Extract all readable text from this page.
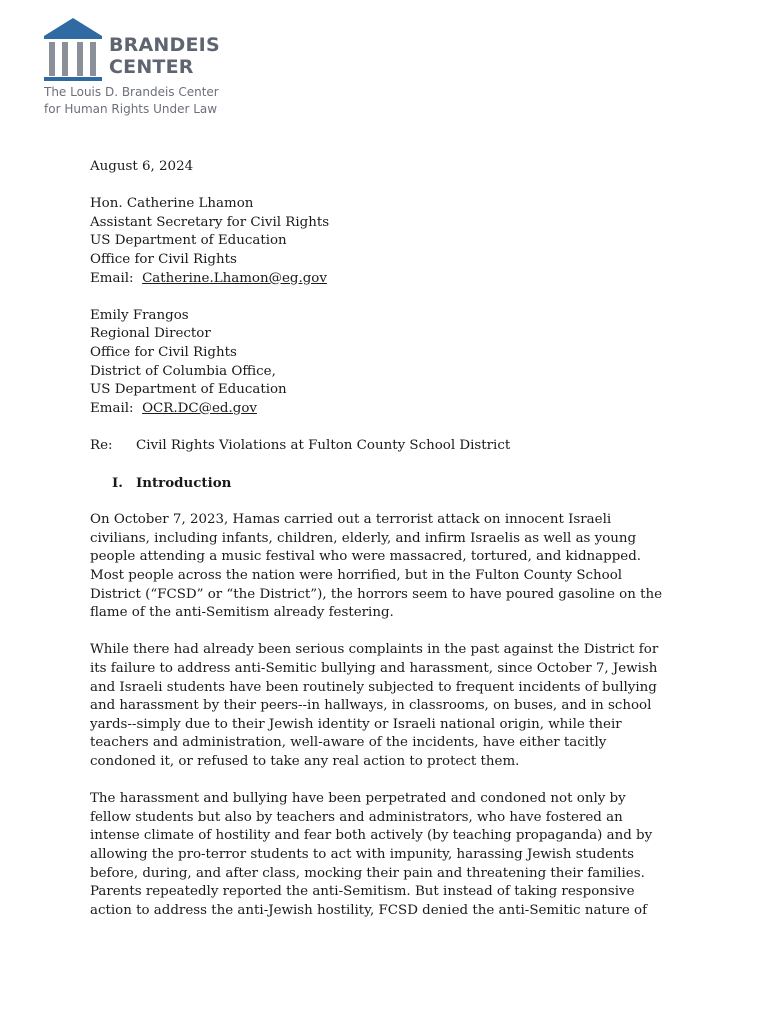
BRANDEIS
CENTER
The Louis D. Brandeis Center
for Human Rights Under Law
August 6, 2024
Hon. Catherine Lhamon
Assistant Secretary for Civil Rights
US Department of Education
Office for Civil Rights
Email: Catherine.Lhamon@eg.gov
Emily Frangos
Regional Director
Office for Civil Rights
District of Columbia Office,
US Department of Education
Email: OCR.DC@ed.gov
Re: Civil Rights Violations at Fulton County School District
I. Introduction
On October 7, 2023, Hamas carried out a terrorist attack on innocent Israeli
civilians, including infants, children, elderly, and infirm Israelis as well as young
people attending a music festival who were massacred, tortured, and kidnapped.
Most people across the nation were horrified, but in the Fulton County School
District (“FCSD” or “the District”), the horrors seem to have poured gasoline on the
flame of the anti-Semitism already festering.
While there had already been serious complaints in the past against the District for
its failure to address anti-Semitic bullying and harassment, since October 7, Jewish
and Israeli students have been routinely subjected to frequent incidents of bullying
and harassment by their peers--in hallways, in classrooms, on buses, and in school
yards--simply due to their Jewish identity or Israeli national origin, while their
teachers and administration, well-aware of the incidents, have either tacitly
condoned it, or refused to take any real action to protect them.
The harassment and bullying have been perpetrated and condoned not only by
fellow students but also by teachers and administrators, who have fostered an
intense climate of hostility and fear both actively (by teaching propaganda) and by
allowing the pro-terror students to act with impunity, harassing Jewish students
before, during, and after class, mocking their pain and threatening their families.
Parents repeatedly reported the anti-Semitism. But instead of taking responsive
action to address the anti-Jewish hostility, FCSD denied the anti-Semitic nature of
